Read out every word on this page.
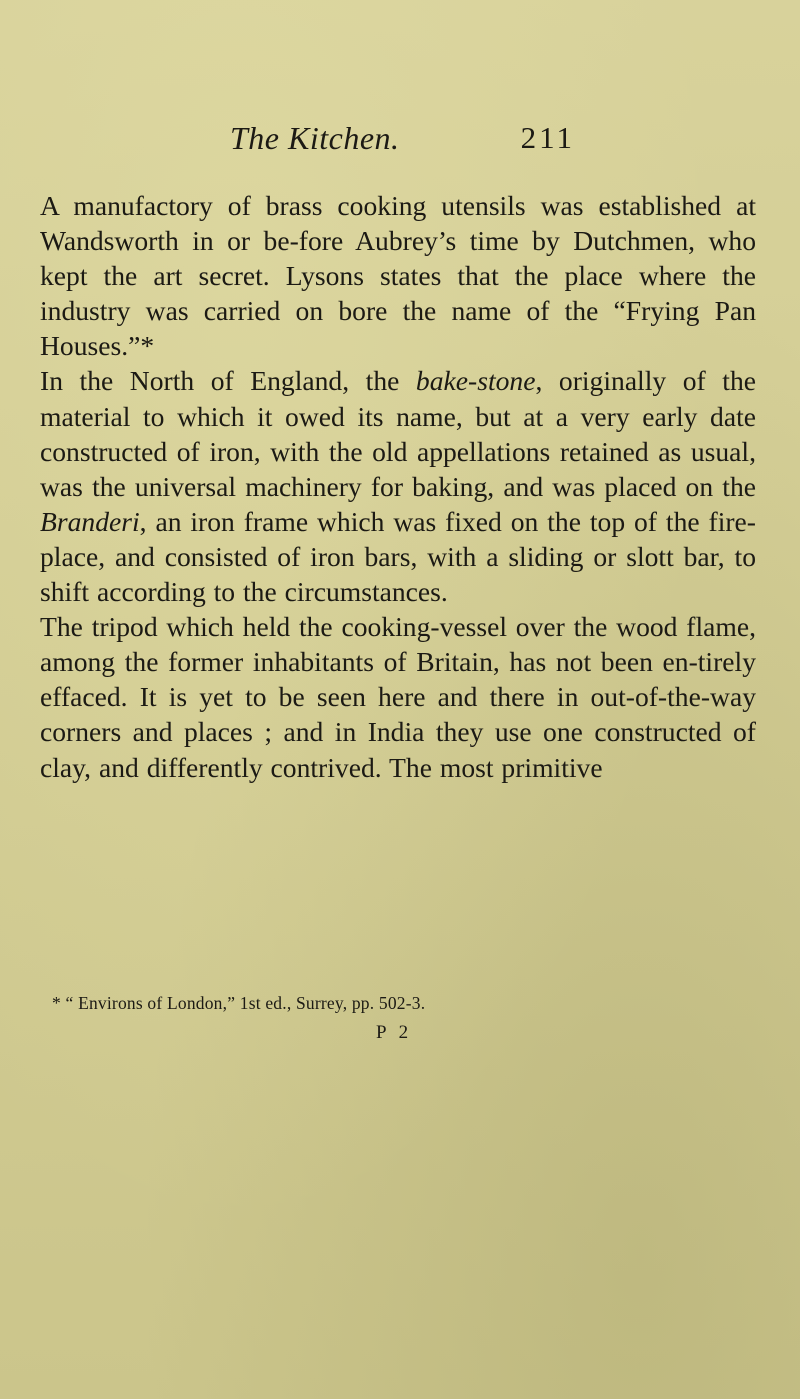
The Kitchen.	211

A manufactory of brass cooking utensils was established at Wandsworth in or be-fore Aubrey’s time by Dutchmen, who kept the art secret. Lysons states that the place where the industry was carried on bore the name of the “Frying Pan Houses.”*

In the North of England, the bake-stone, originally of the material to which it owed its name, but at a very early date constructed of iron, with the old appellations retained as usual, was the universal machinery for baking, and was placed on the Branderi, an iron frame which was fixed on the top of the fire-place, and consisted of iron bars, with a sliding or slott bar, to shift according to the circumstances.

The tripod which held the cooking-vessel over the wood flame, among the former inhabitants of Britain, has not been en-tirely effaced. It is yet to be seen here and there in out-of-the-way corners and places ; and in India they use one constructed of clay, and differently contrived. The most primitive

* “ Environs of London,” 1st ed., Surrey, pp. 502-3.
P 2
